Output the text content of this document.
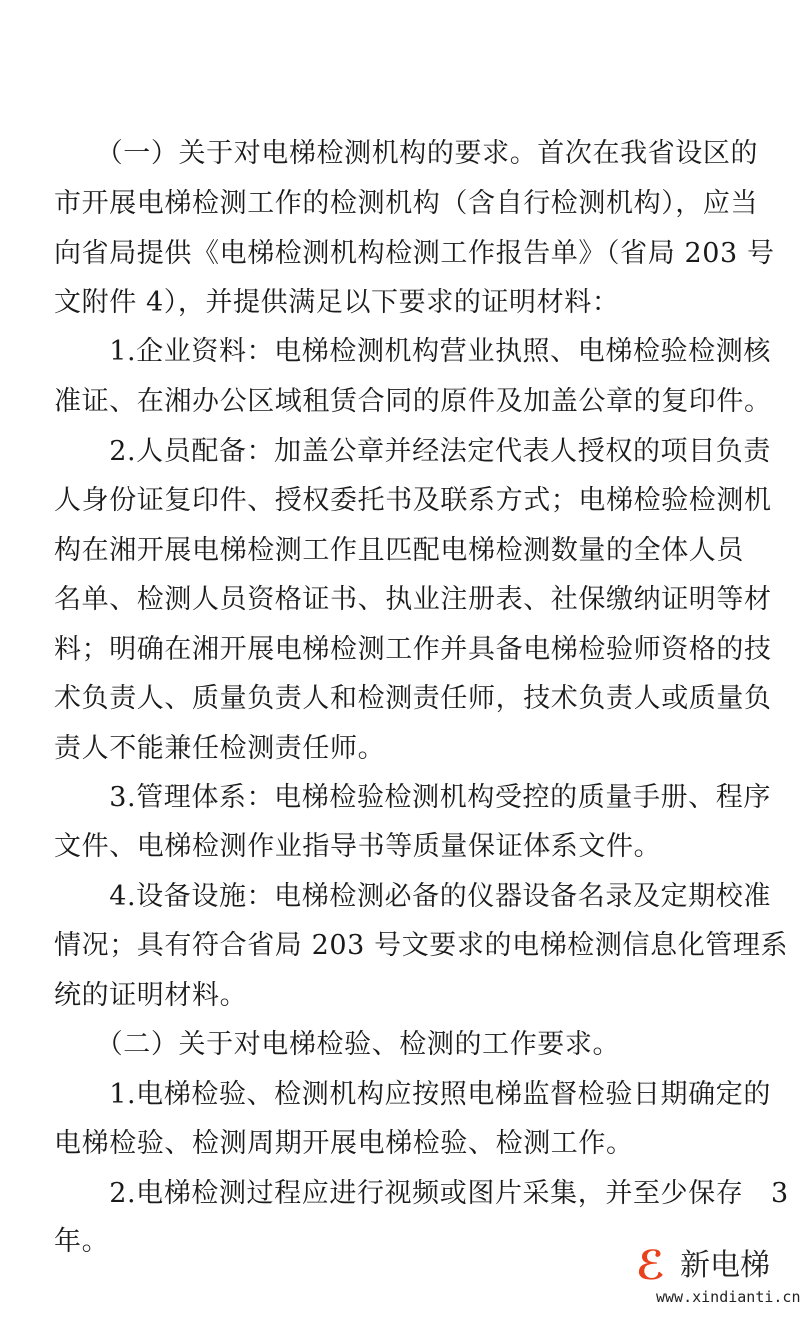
　　（一）关于对电梯检测机构的要求。首次在我省设区的
市开展电梯检测工作的检测机构（含自行检测机构），应当
向省局提供《电梯检测机构检测工作报告单》（省局 203 号
文附件 4），并提供满足以下要求的证明材料：
　　1.企业资料：电梯检测机构营业执照、电梯检验检测核
准证、在湘办公区域租赁合同的原件及加盖公章的复印件。
　　2.人员配备：加盖公章并经法定代表人授权的项目负责
人身份证复印件、授权委托书及联系方式；电梯检验检测机
构在湘开展电梯检测工作且匹配电梯检测数量的全体人员
名单、检测人员资格证书、执业注册表、社保缴纳证明等材
料；明确在湘开展电梯检测工作并具备电梯检验师资格的技
术负责人、质量负责人和检测责任师，技术负责人或质量负
责人不能兼任检测责任师。
　　3.管理体系：电梯检验检测机构受控的质量手册、程序
文件、电梯检测作业指导书等质量保证体系文件。
　　4.设备设施：电梯检测必备的仪器设备名录及定期校准
情况；具有符合省局 203 号文要求的电梯检测信息化管理系
统的证明材料。
　　（二）关于对电梯检验、检测的工作要求。
　　1.电梯检验、检测机构应按照电梯监督检验日期确定的
电梯检验、检测周期开展电梯检验、检测工作。
　　2.电梯检测过程应进行视频或图片采集，并至少保存　3
年。
ℰ 新电梯
www.xindianti.cn
